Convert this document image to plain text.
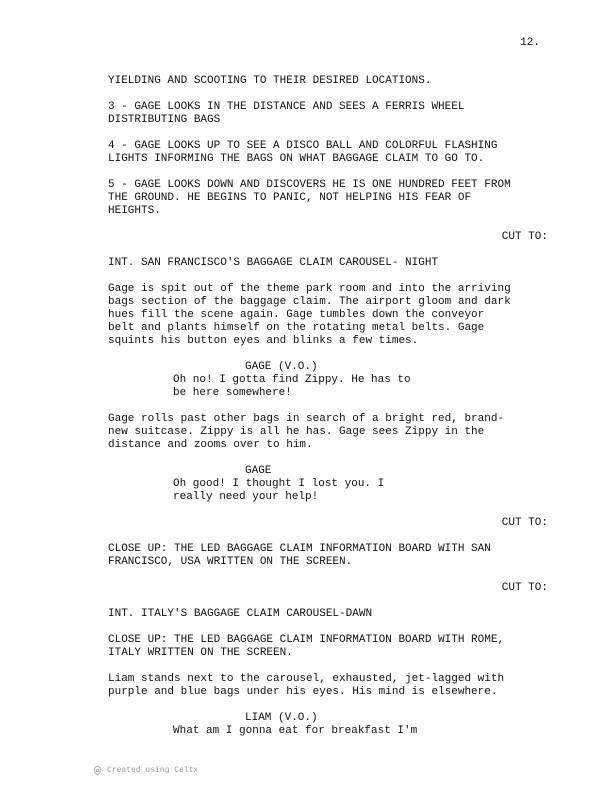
12.
YIELDING AND SCOOTING TO THEIR DESIRED LOCATIONS.
3 - GAGE LOOKS IN THE DISTANCE AND SEES A FERRIS WHEEL
DISTRIBUTING BAGS
4 - GAGE LOOKS UP TO SEE A DISCO BALL AND COLORFUL FLASHING
LIGHTS INFORMING THE BAGS ON WHAT BAGGAGE CLAIM TO GO TO.
5 - GAGE LOOKS DOWN AND DISCOVERS HE IS ONE HUNDRED FEET FROM
THE GROUND. HE BEGINS TO PANIC, NOT HELPING HIS FEAR OF
HEIGHTS.
CUT TO:
INT. SAN FRANCISCO'S BAGGAGE CLAIM CAROUSEL- NIGHT
Gage is spit out of the theme park room and into the arriving
bags section of the baggage claim. The airport gloom and dark
hues fill the scene again. Gage tumbles down the conveyor
belt and plants himself on the rotating metal belts. Gage
squints his button eyes and blinks a few times.
GAGE (V.O.)
Oh no! I gotta find Zippy. He has to
be here somewhere!
Gage rolls past other bags in search of a bright red, brand-
new suitcase. Zippy is all he has. Gage sees Zippy in the
distance and zooms over to him.
GAGE
Oh good! I thought I lost you. I
really need your help!
CUT TO:
CLOSE UP: THE LED BAGGAGE CLAIM INFORMATION BOARD WITH SAN
FRANCISCO, USA WRITTEN ON THE SCREEN.
CUT TO:
INT. ITALY'S BAGGAGE CLAIM CAROUSEL-DAWN
CLOSE UP: THE LED BAGGAGE CLAIM INFORMATION BOARD WITH ROME,
ITALY WRITTEN ON THE SCREEN.
Liam stands next to the carousel, exhausted, jet-lagged with
purple and blue bags under his eyes. His mind is elsewhere.
LIAM (V.O.)
What am I gonna eat for breakfast I'm
Created using Celtx
